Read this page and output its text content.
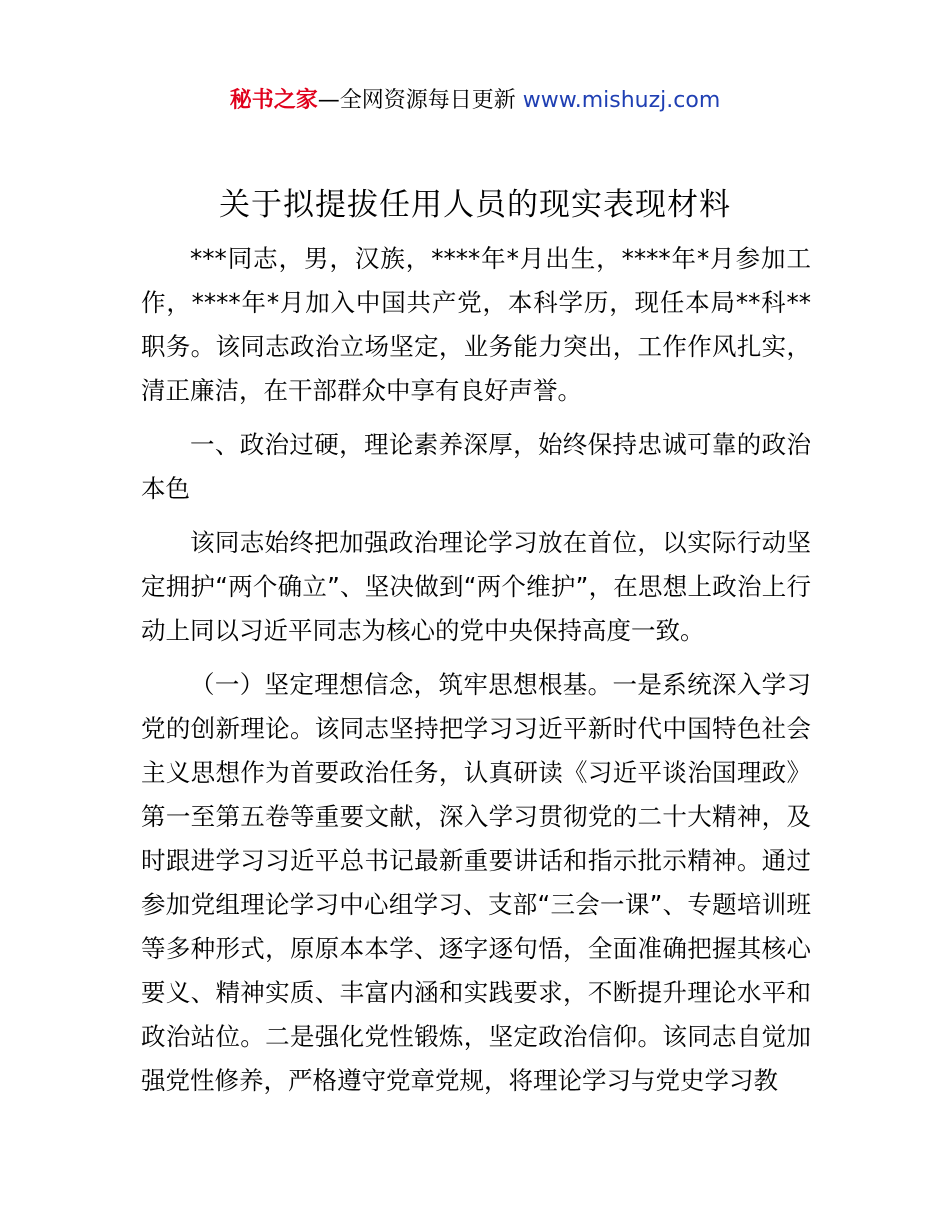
秘书之家—全网资源每日更新 www.mishuzj.com
关于拟提拔任用人员的现实表现材料

***同志，男，汉族，****年*月出生，****年*月参加工作，****年*月加入中国共产党，本科学历，现任本局**科**职务。该同志政治立场坚定，业务能力突出，工作作风扎实，清正廉洁，在干部群众中享有良好声誉。

一、政治过硬，理论素养深厚，始终保持忠诚可靠的政治本色

该同志始终把加强政治理论学习放在首位，以实际行动坚定拥护“两个确立”、坚决做到“两个维护”，在思想上政治上行动上同以习近平同志为核心的党中央保持高度一致。

（一）坚定理想信念，筑牢思想根基。一是系统深入学习党的创新理论。该同志坚持把学习习近平新时代中国特色社会主义思想作为首要政治任务，认真研读《习近平谈治国理政》第一至第五卷等重要文献，深入学习贯彻党的二十大精神，及时跟进学习习近平总书记最新重要讲话和指示批示精神。通过参加党组理论学习中心组学习、支部“三会一课”、专题培训班等多种形式，原原本本学、逐字逐句悟，全面准确把握其核心要义、精神实质、丰富内涵和实践要求，不断提升理论水平和政治站位。二是强化党性锻炼，坚定政治信仰。该同志自觉加强党性修养，严格遵守党章党规，将理论学习与党史学习教
